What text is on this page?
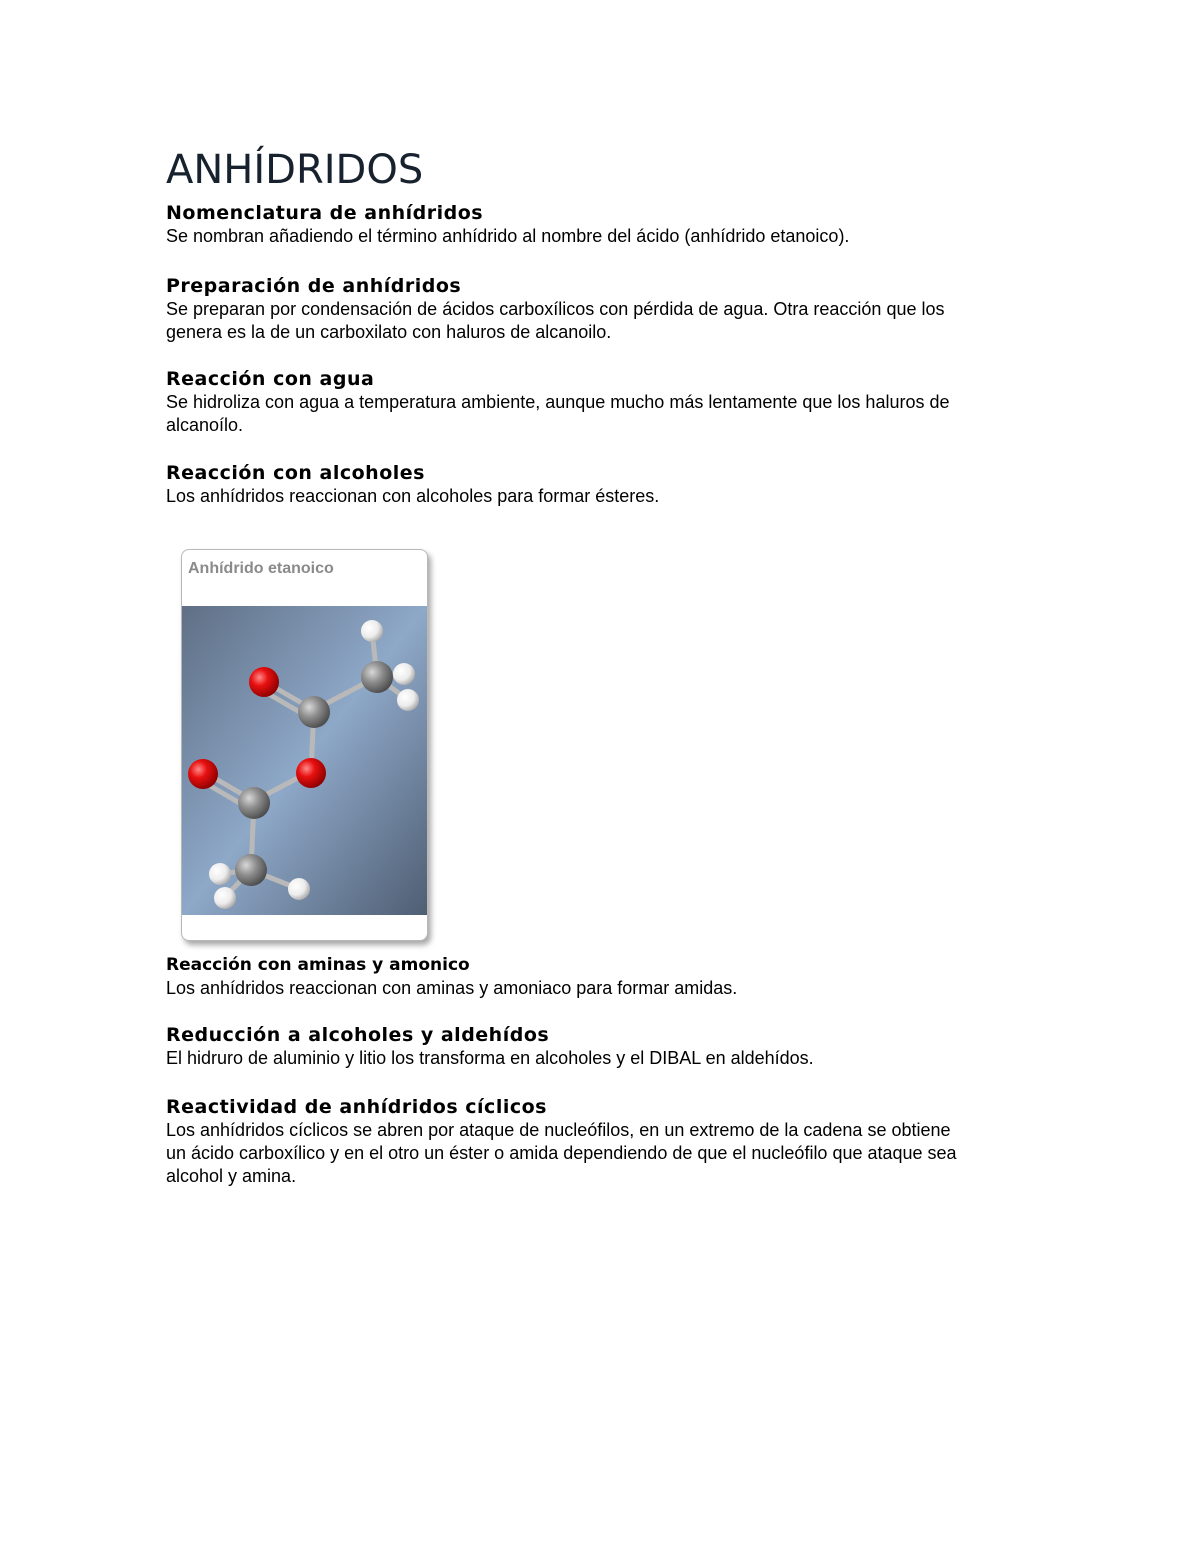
ANHÍDRIDOS
Nomenclatura de anhídridos
Se nombran añadiendo el término anhídrido al nombre del ácido (anhídrido etanoico).
Preparación de anhídridos
Se preparan por condensación de ácidos carboxílicos con pérdida de agua. Otra reacción que los
genera es la de un carboxilato con haluros de alcanoilo.
Reacción con agua
Se hidroliza con agua a temperatura ambiente, aunque mucho más lentamente que los haluros de
alcanoílo.
Reacción con alcoholes
Los anhídridos reaccionan con alcoholes para formar ésteres.
Anhídrido etanoico
Reacción con aminas y amonico
Los anhídridos reaccionan con aminas y amoniaco para formar amidas.
Reducción a alcoholes y aldehídos
El hidruro de aluminio y litio los transforma en alcoholes y el DIBAL en aldehídos.
Reactividad de anhídridos cíclicos
Los anhídridos cíclicos se abren por ataque de nucleófilos, en un extremo de la cadena se obtiene
un ácido carboxílico y en el otro un éster o amida dependiendo de que el nucleófilo que ataque sea
alcohol y amina.
